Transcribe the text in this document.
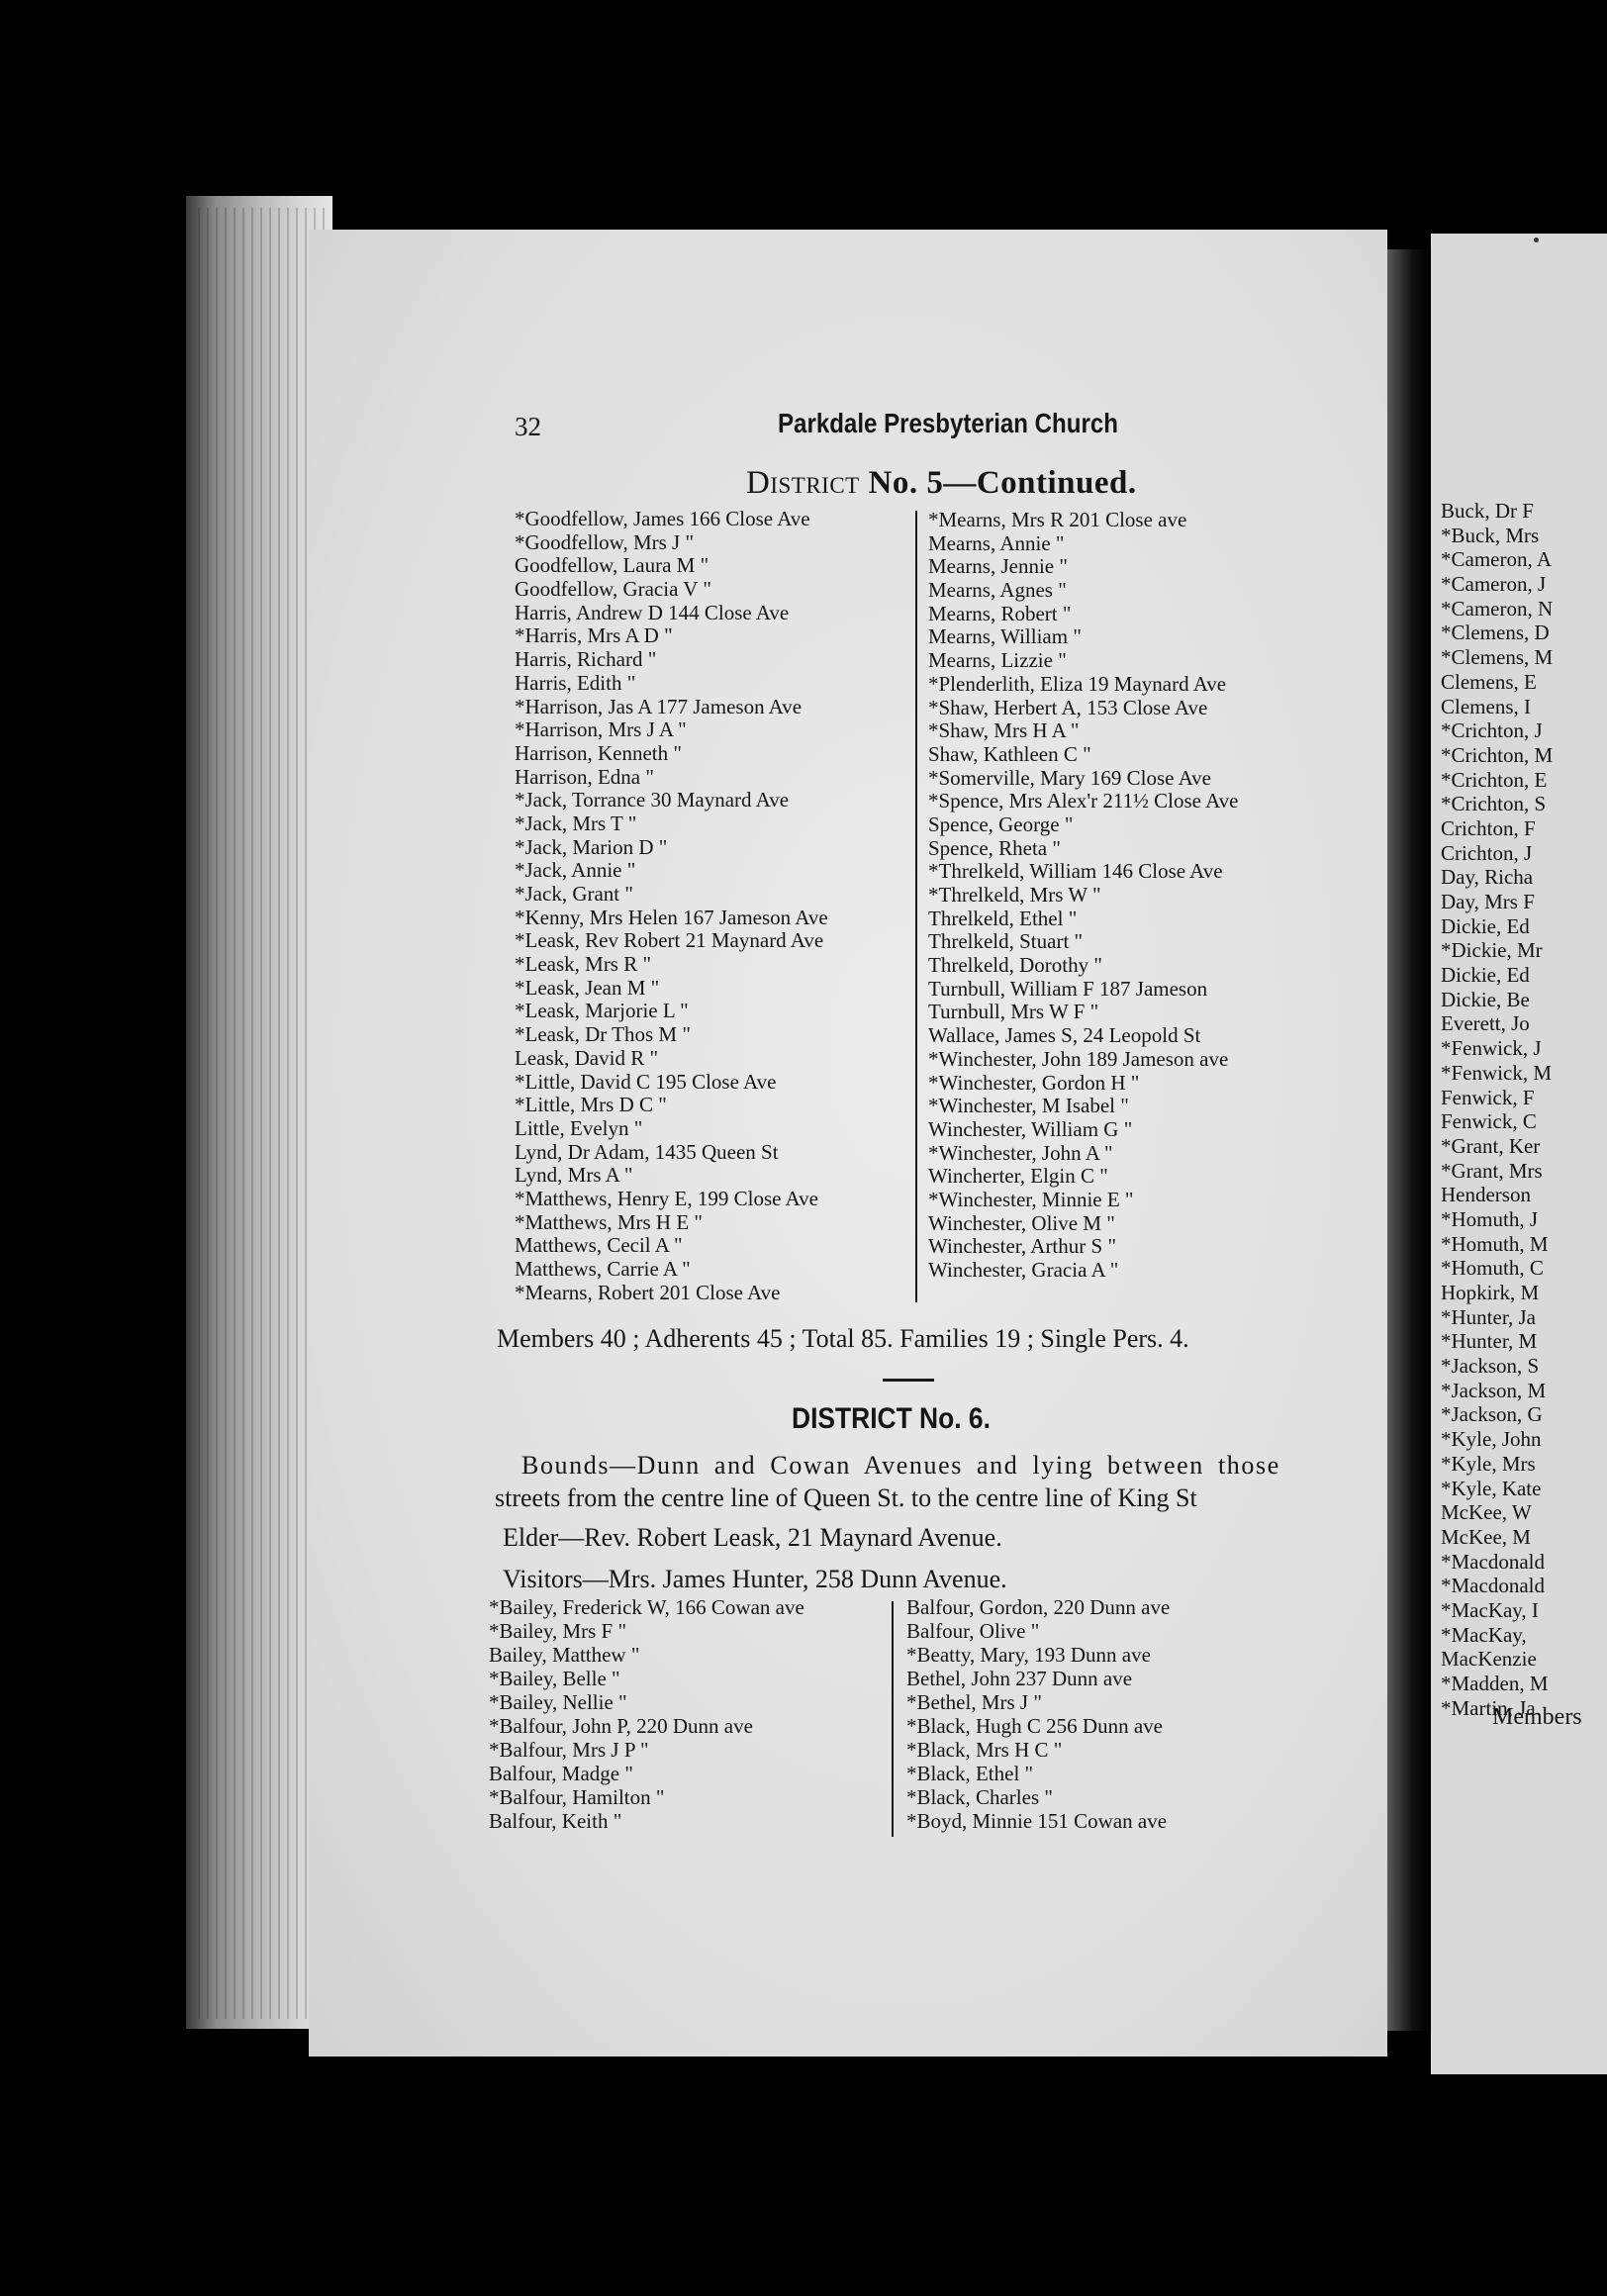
32	Parkdale Presbyterian Church
District No. 5—Continued.
*Goodfellow, James 166 Close Ave
*Goodfellow, Mrs J "
Goodfellow, Laura M "
Goodfellow, Gracia V "
Harris, Andrew D 144 Close Ave
*Harris, Mrs A D "
Harris, Richard "
Harris, Edith "
*Harrison, Jas A 177 Jameson Ave
*Harrison, Mrs J A "
Harrison, Kenneth "
Harrison, Edna "
*Jack, Torrance 30 Maynard Ave
*Jack, Mrs T "
*Jack, Marion D "
*Jack, Annie "
*Jack, Grant "
*Kenny, Mrs Helen 167 Jameson Ave
*Leask, Rev Robert 21 Maynard Ave
*Leask, Mrs R "
*Leask, Jean M "
*Leask, Marjorie L "
*Leask, Dr Thos M "
Leask, David R "
*Little, David C 195 Close Ave
*Little, Mrs D C "
Little, Evelyn "
Lynd, Dr Adam, 1435 Queen St
Lynd, Mrs A "
*Matthews, Henry E, 199 Close Ave
*Matthews, Mrs H E "
Matthews, Cecil A "
Matthews, Carrie A "
*Mearns, Robert 201 Close Ave
*Mearns, Mrs R 201 Close ave
Mearns, Annie "
Mearns, Jennie "
Mearns, Agnes "
Mearns, Robert "
Mearns, William "
Mearns, Lizzie "
*Plenderlith, Eliza 19 Maynard Ave
*Shaw, Herbert A, 153 Close Ave
*Shaw, Mrs H A "
Shaw, Kathleen C "
*Somerville, Mary 169 Close Ave
*Spence, Mrs Alex'r 211½ Close Ave
Spence, George "
Spence, Rheta "
*Threlkeld, William 146 Close Ave
*Threlkeld, Mrs W "
Threlkeld, Ethel "
Threlkeld, Stuart "
Threlkeld, Dorothy "
Turnbull, William F 187 Jameson
Turnbull, Mrs W F "
Wallace, James S, 24 Leopold St
*Winchester, John 189 Jameson ave
*Winchester, Gordon H "
*Winchester, M Isabel "
Winchester, William G "
*Winchester, John A "
Wincherter, Elgin C "
*Winchester, Minnie E "
Winchester, Olive M "
Winchester, Arthur S "
Winchester, Gracia A "
Members 40 ; Adherents 45 ; Total 85. Families 19 ; Single Pers. 4.
DISTRICT No. 6.
Bounds—Dunn and Cowan Avenues and lying between those
streets from the centre line of Queen St. to the centre line of King St
Elder—Rev. Robert Leask, 21 Maynard Avenue.
Visitors—Mrs. James Hunter, 258 Dunn Avenue.
*Bailey, Frederick W, 166 Cowan ave
*Bailey, Mrs F "
Bailey, Matthew "
*Bailey, Belle "
*Bailey, Nellie "
*Balfour, John P, 220 Dunn ave
*Balfour, Mrs J P "
Balfour, Madge "
*Balfour, Hamilton "
Balfour, Keith "
Balfour, Gordon, 220 Dunn ave
Balfour, Olive "
*Beatty, Mary, 193 Dunn ave
Bethel, John 237 Dunn ave
*Bethel, Mrs J "
*Black, Hugh C 256 Dunn ave
*Black, Mrs H C "
*Black, Ethel "
*Black, Charles "
*Boyd, Minnie 151 Cowan ave
Buck, Dr F
*Buck, Mrs
*Cameron, A
*Cameron, J
*Cameron, N
*Clemens, D
*Clemens, M
Clemens, E
Clemens, I
*Crichton, J
*Crichton, M
*Crichton, E
*Crichton, S
Crichton, F
Crichton, J
Day, Richa
Day, Mrs F
Dickie, Ed
*Dickie, Mr
Dickie, Ed
Dickie, Be
Everett, Jo
*Fenwick, J
*Fenwick, M
Fenwick, F
Fenwick, C
*Grant, Ker
*Grant, Mrs
Henderson
*Homuth, J
*Homuth, M
*Homuth, C
Hopkirk, M
*Hunter, Ja
*Hunter, M
*Jackson, S
*Jackson, M
*Jackson, G
*Kyle, John
*Kyle, Mrs
*Kyle, Kate
McKee, W
McKee, M
*Macdonald
*Macdonald
*MacKay, I
*MacKay,
MacKenzie
*Madden, M
*Martin, Ja
Members
